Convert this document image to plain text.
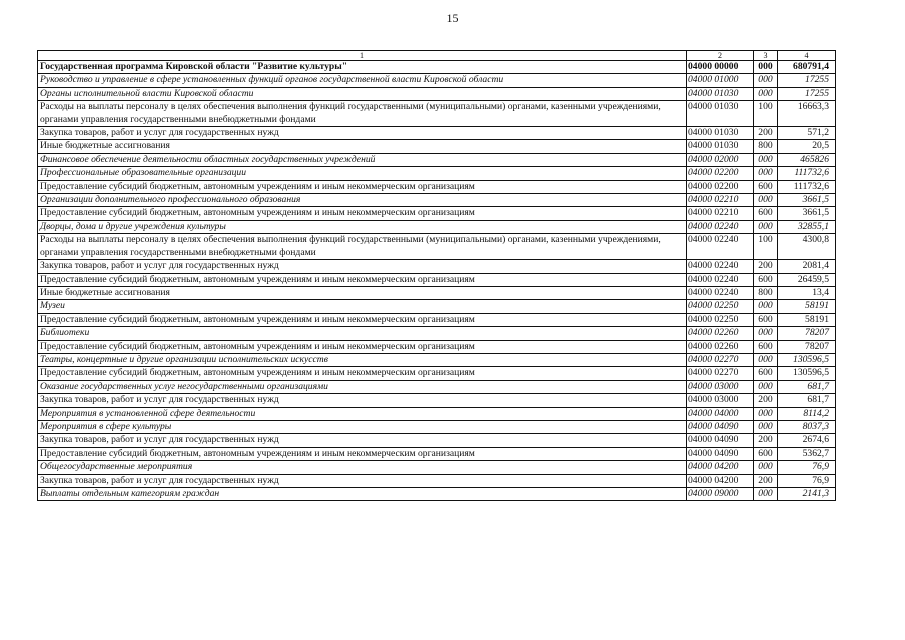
15
1	2	3	4
Государственная программа Кировской области "Развитие культуры"	04000 00000	000	680791,4
Руководство и управление в сфере установленных функций органов государственной власти Кировской области	04000 01000	000	17255
Органы исполнительной власти Кировской области	04000 01030	000	17255
Расходы на выплаты персоналу в целях обеспечения выполнения функций государственными (муниципальными) органами, казенными учреждениями, органами управления государственными внебюджетными фондами	04000 01030	100	16663,3
Закупка товаров, работ и услуг для государственных нужд	04000 01030	200	571,2
Иные бюджетные ассигнования	04000 01030	800	20,5
Финансовое обеспечение деятельности областных государственных учреждений	04000 02000	000	465826
Профессиональные образовательные организации	04000 02200	000	111732,6
Предоставление субсидий бюджетным, автономным учреждениям и иным некоммерческим организациям	04000 02200	600	111732,6
Организации дополнительного профессионального образования	04000 02210	000	3661,5
Предоставление субсидий бюджетным, автономным учреждениям и иным некоммерческим организациям	04000 02210	600	3661,5
Дворцы, дома и другие учреждения культуры	04000 02240	000	32855,1
Расходы на выплаты персоналу в целях обеспечения выполнения функций государственными (муниципальными) органами, казенными учреждениями, органами управления государственными внебюджетными фондами	04000 02240	100	4300,8
Закупка товаров, работ и услуг для государственных нужд	04000 02240	200	2081,4
Предоставление субсидий бюджетным, автономным учреждениям и иным некоммерческим организациям	04000 02240	600	26459,5
Иные бюджетные ассигнования	04000 02240	800	13,4
Музеи	04000 02250	000	58191
Предоставление субсидий бюджетным, автономным учреждениям и иным некоммерческим организациям	04000 02250	600	58191
Библиотеки	04000 02260	000	78207
Предоставление субсидий бюджетным, автономным учреждениям и иным некоммерческим организациям	04000 02260	600	78207
Театры, концертные и другие организации исполнительских искусств	04000 02270	000	130596,5
Предоставление субсидий бюджетным, автономным учреждениям и иным некоммерческим организациям	04000 02270	600	130596,5
Оказание государственных услуг негосударственными организациями	04000 03000	000	681,7
Закупка товаров, работ и услуг для государственных нужд	04000 03000	200	681,7
Мероприятия в установленной сфере деятельности	04000 04000	000	8114,2
Мероприятия в сфере культуры	04000 04090	000	8037,3
Закупка товаров, работ и услуг для государственных нужд	04000 04090	200	2674,6
Предоставление субсидий бюджетным, автономным учреждениям и иным некоммерческим организациям	04000 04090	600	5362,7
Общегосударственные мероприятия	04000 04200	000	76,9
Закупка товаров, работ и услуг для государственных нужд	04000 04200	200	76,9
Выплаты отдельным категориям граждан	04000 09000	000	2141,3
